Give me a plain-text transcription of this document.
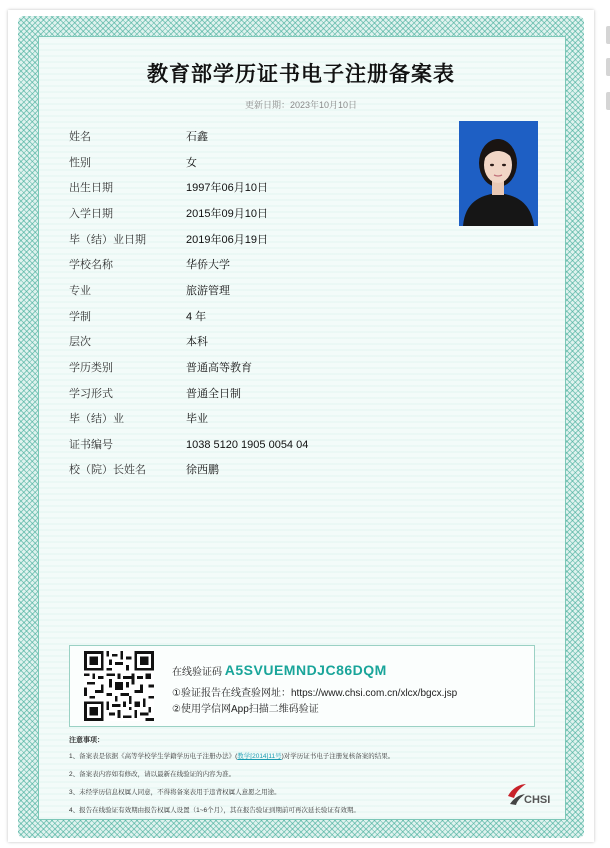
教育部学历证书电子注册备案表
更新日期：2023年10月10日
姓名	石鑫
性别	女
出生日期	1997年06月10日
入学日期	2015年09月10日
毕（结）业日期	2019年06月19日
学校名称	华侨大学
专业	旅游管理
学制	4 年
层次	本科
学历类别	普通高等教育
学习形式	普通全日制
毕（结）业	毕业
证书编号	1038 5120 1905 0054 04
校（院）长姓名	徐西鹏
在线验证码 A5SVUEMNDJC86DQM
①验证报告在线查验网址：https://www.chsi.com.cn/xlcx/bgcx.jsp
②使用学信网App扫描二维码验证
注意事项：
1、备案表是依据《高等学校学生学籍学历电子注册办法》(教学[2014]11号)对学历证书电子注册复核备案的结果。
2、备案表内容如有修改，请以最新在线验证的内容为准。
3、未经学历信息权属人同意，不得将备案表用于违背权属人意愿之用途。
4、报告在线验证有效期由报告权属人设置（1~6个月），其在报告验证到期前可再次延长验证有效期。
CHSI
